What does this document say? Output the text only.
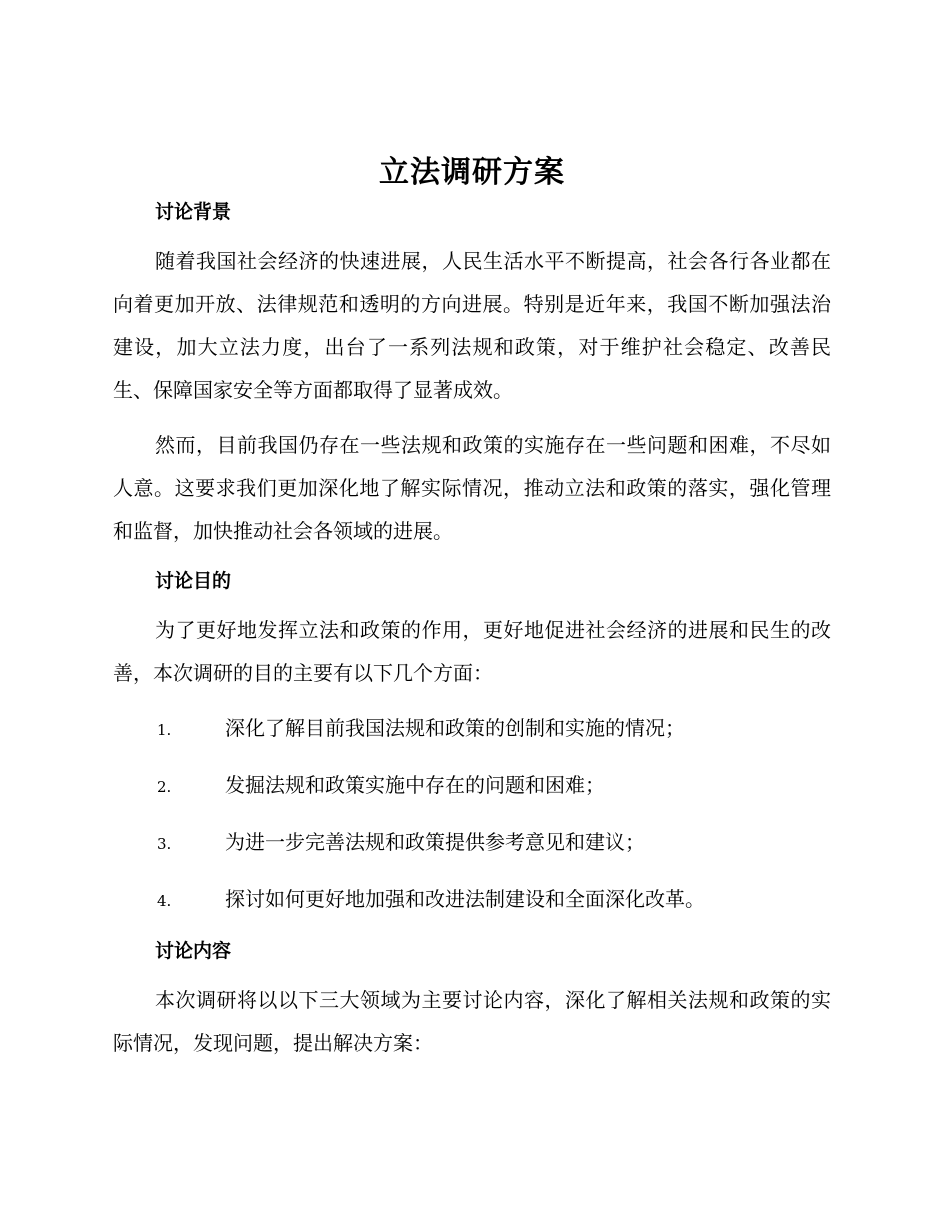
立法调研方案
讨论背景

随着我国社会经济的快速进展，人民生活水平不断提高，社会各行各业都在向着更加开放、法律规范和透明的方向进展。特别是近年来，我国不断加强法治建设，加大立法力度，出台了一系列法规和政策，对于维护社会稳定、改善民生、保障国家安全等方面都取得了显著成效。

然而，目前我国仍存在一些法规和政策的实施存在一些问题和困难，不尽如人意。这要求我们更加深化地了解实际情况，推动立法和政策的落实，强化管理和监督，加快推动社会各领域的进展。

讨论目的

为了更好地发挥立法和政策的作用，更好地促进社会经济的进展和民生的改善，本次调研的目的主要有以下几个方面：

1.	深化了解目前我国法规和政策的创制和实施的情况；
2.	发掘法规和政策实施中存在的问题和困难；
3.	为进一步完善法规和政策提供参考意见和建议；
4.	探讨如何更好地加强和改进法制建设和全面深化改革。
讨论内容

本次调研将以以下三大领域为主要讨论内容，深化了解相关法规和政策的实际情况，发现问题，提出解决方案：
